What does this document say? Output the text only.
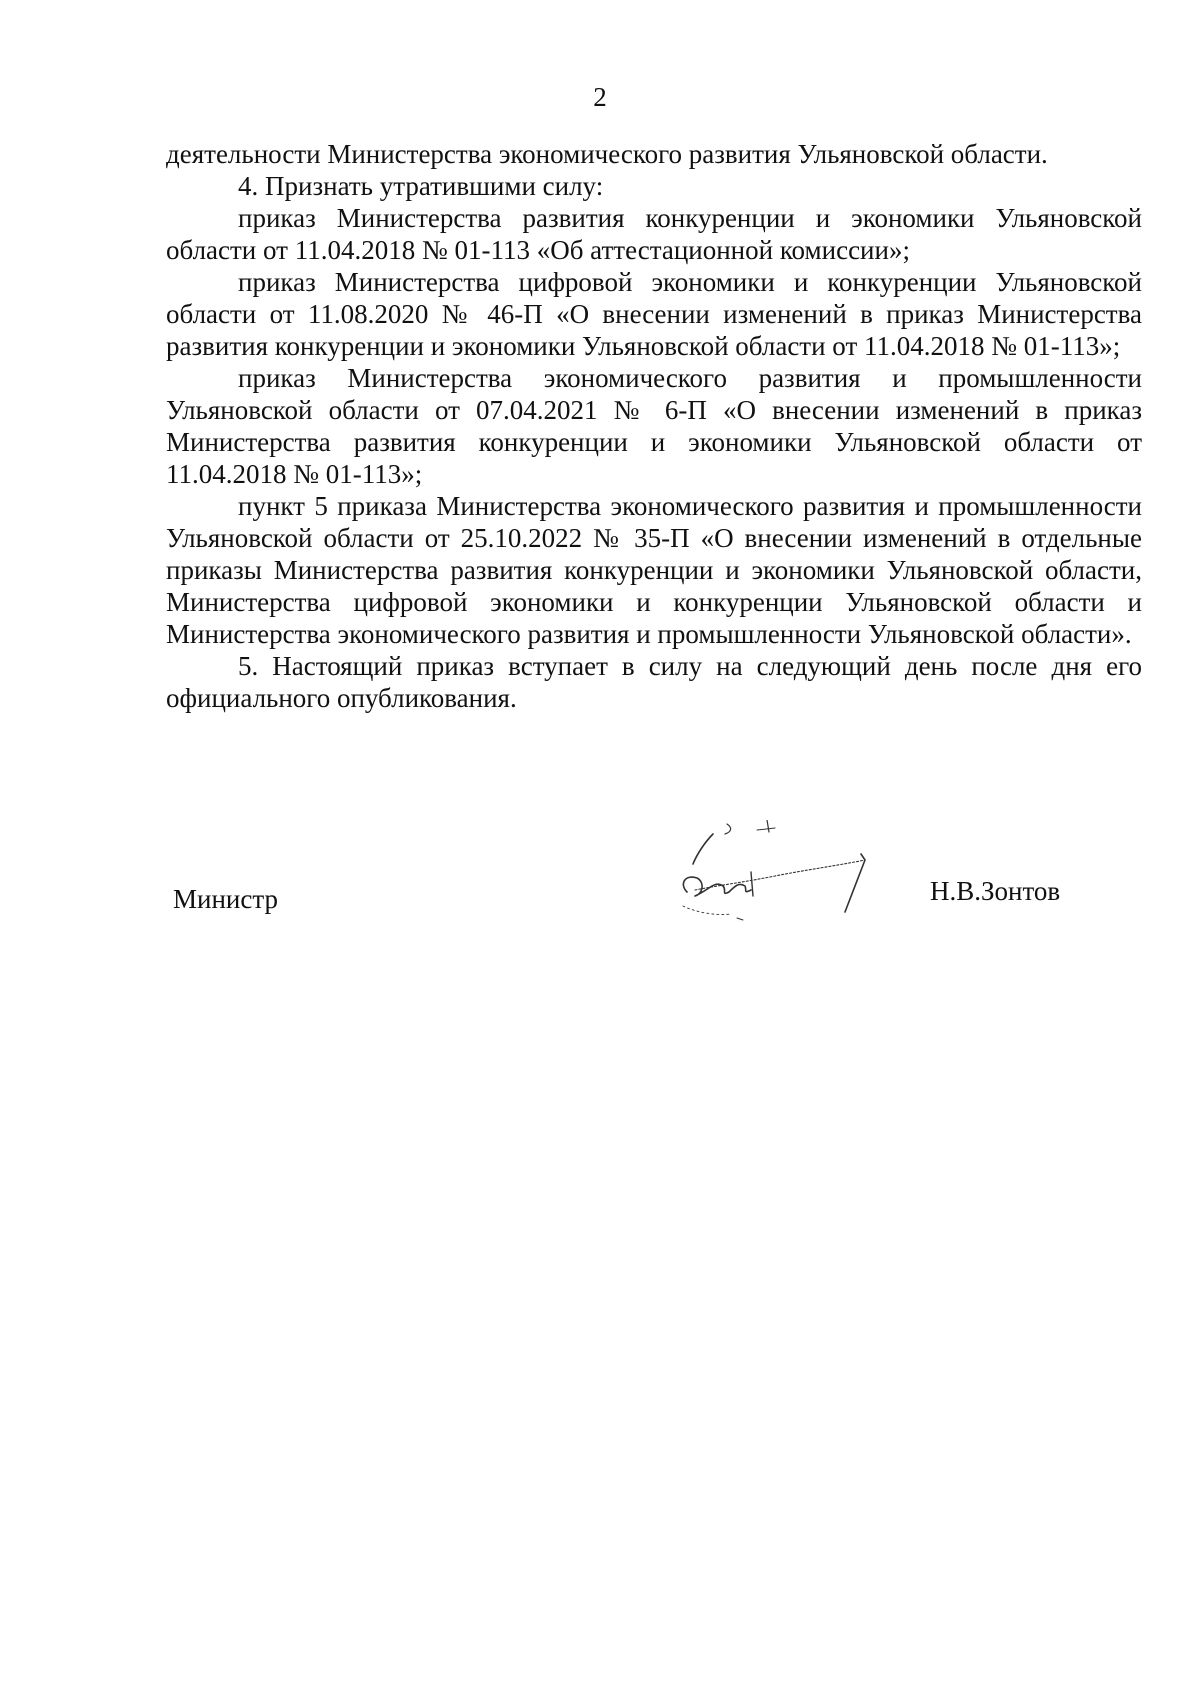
2

деятельности Министерства экономического развития Ульяновской области.

4. Признать утратившими силу:

приказ Министерства развития конкуренции и экономики Ульяновской области от 11.04.2018 № 01-113 «Об аттестационной комиссии»;

приказ Министерства цифровой экономики и конкуренции Ульяновской области от 11.08.2020 № 46-П «О внесении изменений в приказ Министерства развития конкуренции и экономики Ульяновской области от 11.04.2018 № 01-113»;

приказ Министерства экономического развития и промышленности Ульяновской области от 07.04.2021 № 6-П «О внесении изменений в приказ Министерства развития конкуренции и экономики Ульяновской области от 11.04.2018 № 01-113»;

пункт 5 приказа Министерства экономического развития и промышленности Ульяновской области от 25.10.2022 № 35-П «О внесении изменений в отдельные приказы Министерства развития конкуренции и экономики Ульяновской области, Министерства цифровой экономики и конкуренции Ульяновской области и Министерства экономического развития и промышленности Ульяновской области».

5. Настоящий приказ вступает в силу на следующий день после дня его официального опубликования.

Министр	Н.В.Зонтов
